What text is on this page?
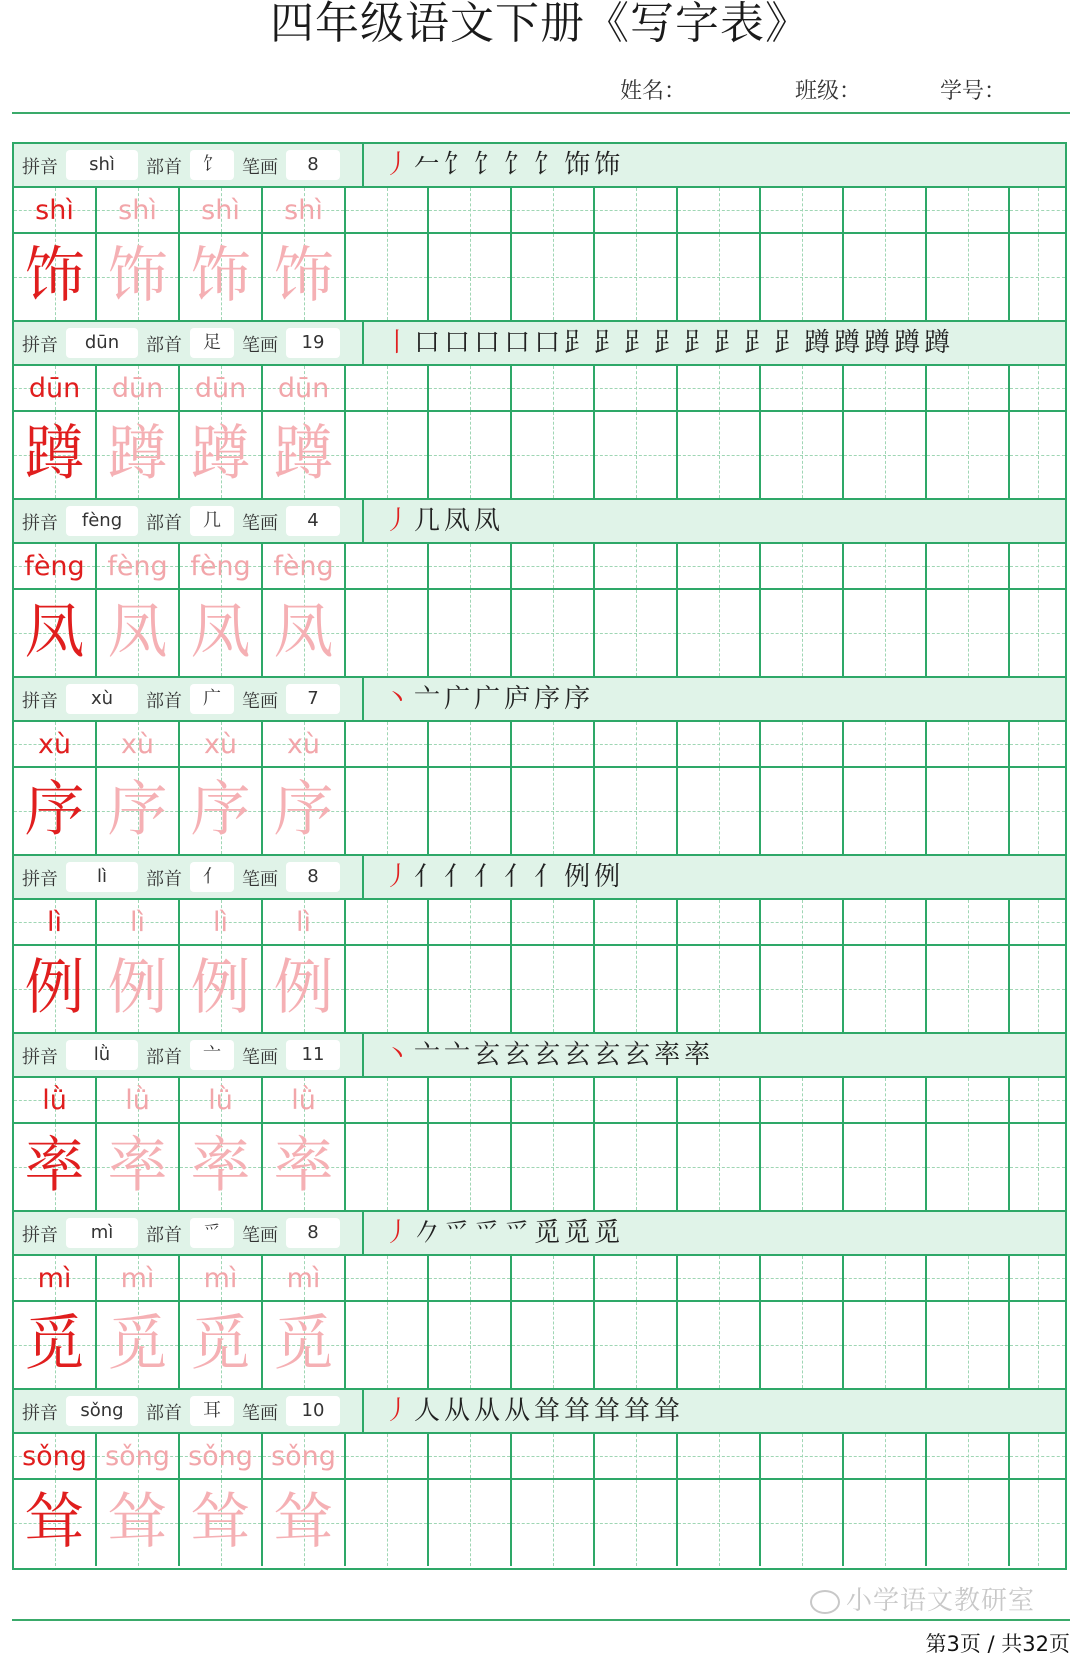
四年级语文下册《写字表》
姓名：	班级：	学号：
拼音	shì	部首	饣	笔画	8	丿𠂉饣饣饣饣饰饰
shì	shì	shì	shì
饰 饰 饰 饰
拼音	dūn	部首	足	笔画	19	丨口口口口口𧾷𧾷𧾷𧾷𧾷𧾷𧾷𧾷蹲蹲蹲蹲蹲
dūn	dūn	dūn	dūn
蹲 蹲 蹲 蹲
拼音	fèng	部首	几	笔画	4	丿几凤凤
fèng fèng fèng fèng
凤 凤 凤 凤
拼音	xù	部首	广	笔画	7	丶亠广广庐序序
xù	xù	xù	xù
序 序 序 序
拼音	lì	部首	亻	笔画	8	丿亻亻亻亻亻例例
lì	lì	lì	lì
例 例 例 例
拼音	lǜ	部首	亠	笔画	11	丶亠亠玄玄玄玄玄玄率率
lǜ	lǜ	lǜ	lǜ
率 率 率 率
拼音	mì	部首	爫	笔画	8	丿𠂊爫爫爫觅觅觅
mì	mì	mì	mì
觅 觅 觅 觅
拼音	sǒng	部首	耳	笔画	10	丿人从从从耸耸耸耸耸
sǒng sǒng sǒng sǒng
耸 耸 耸 耸
小学语文教研室
第3页 / 共32页
